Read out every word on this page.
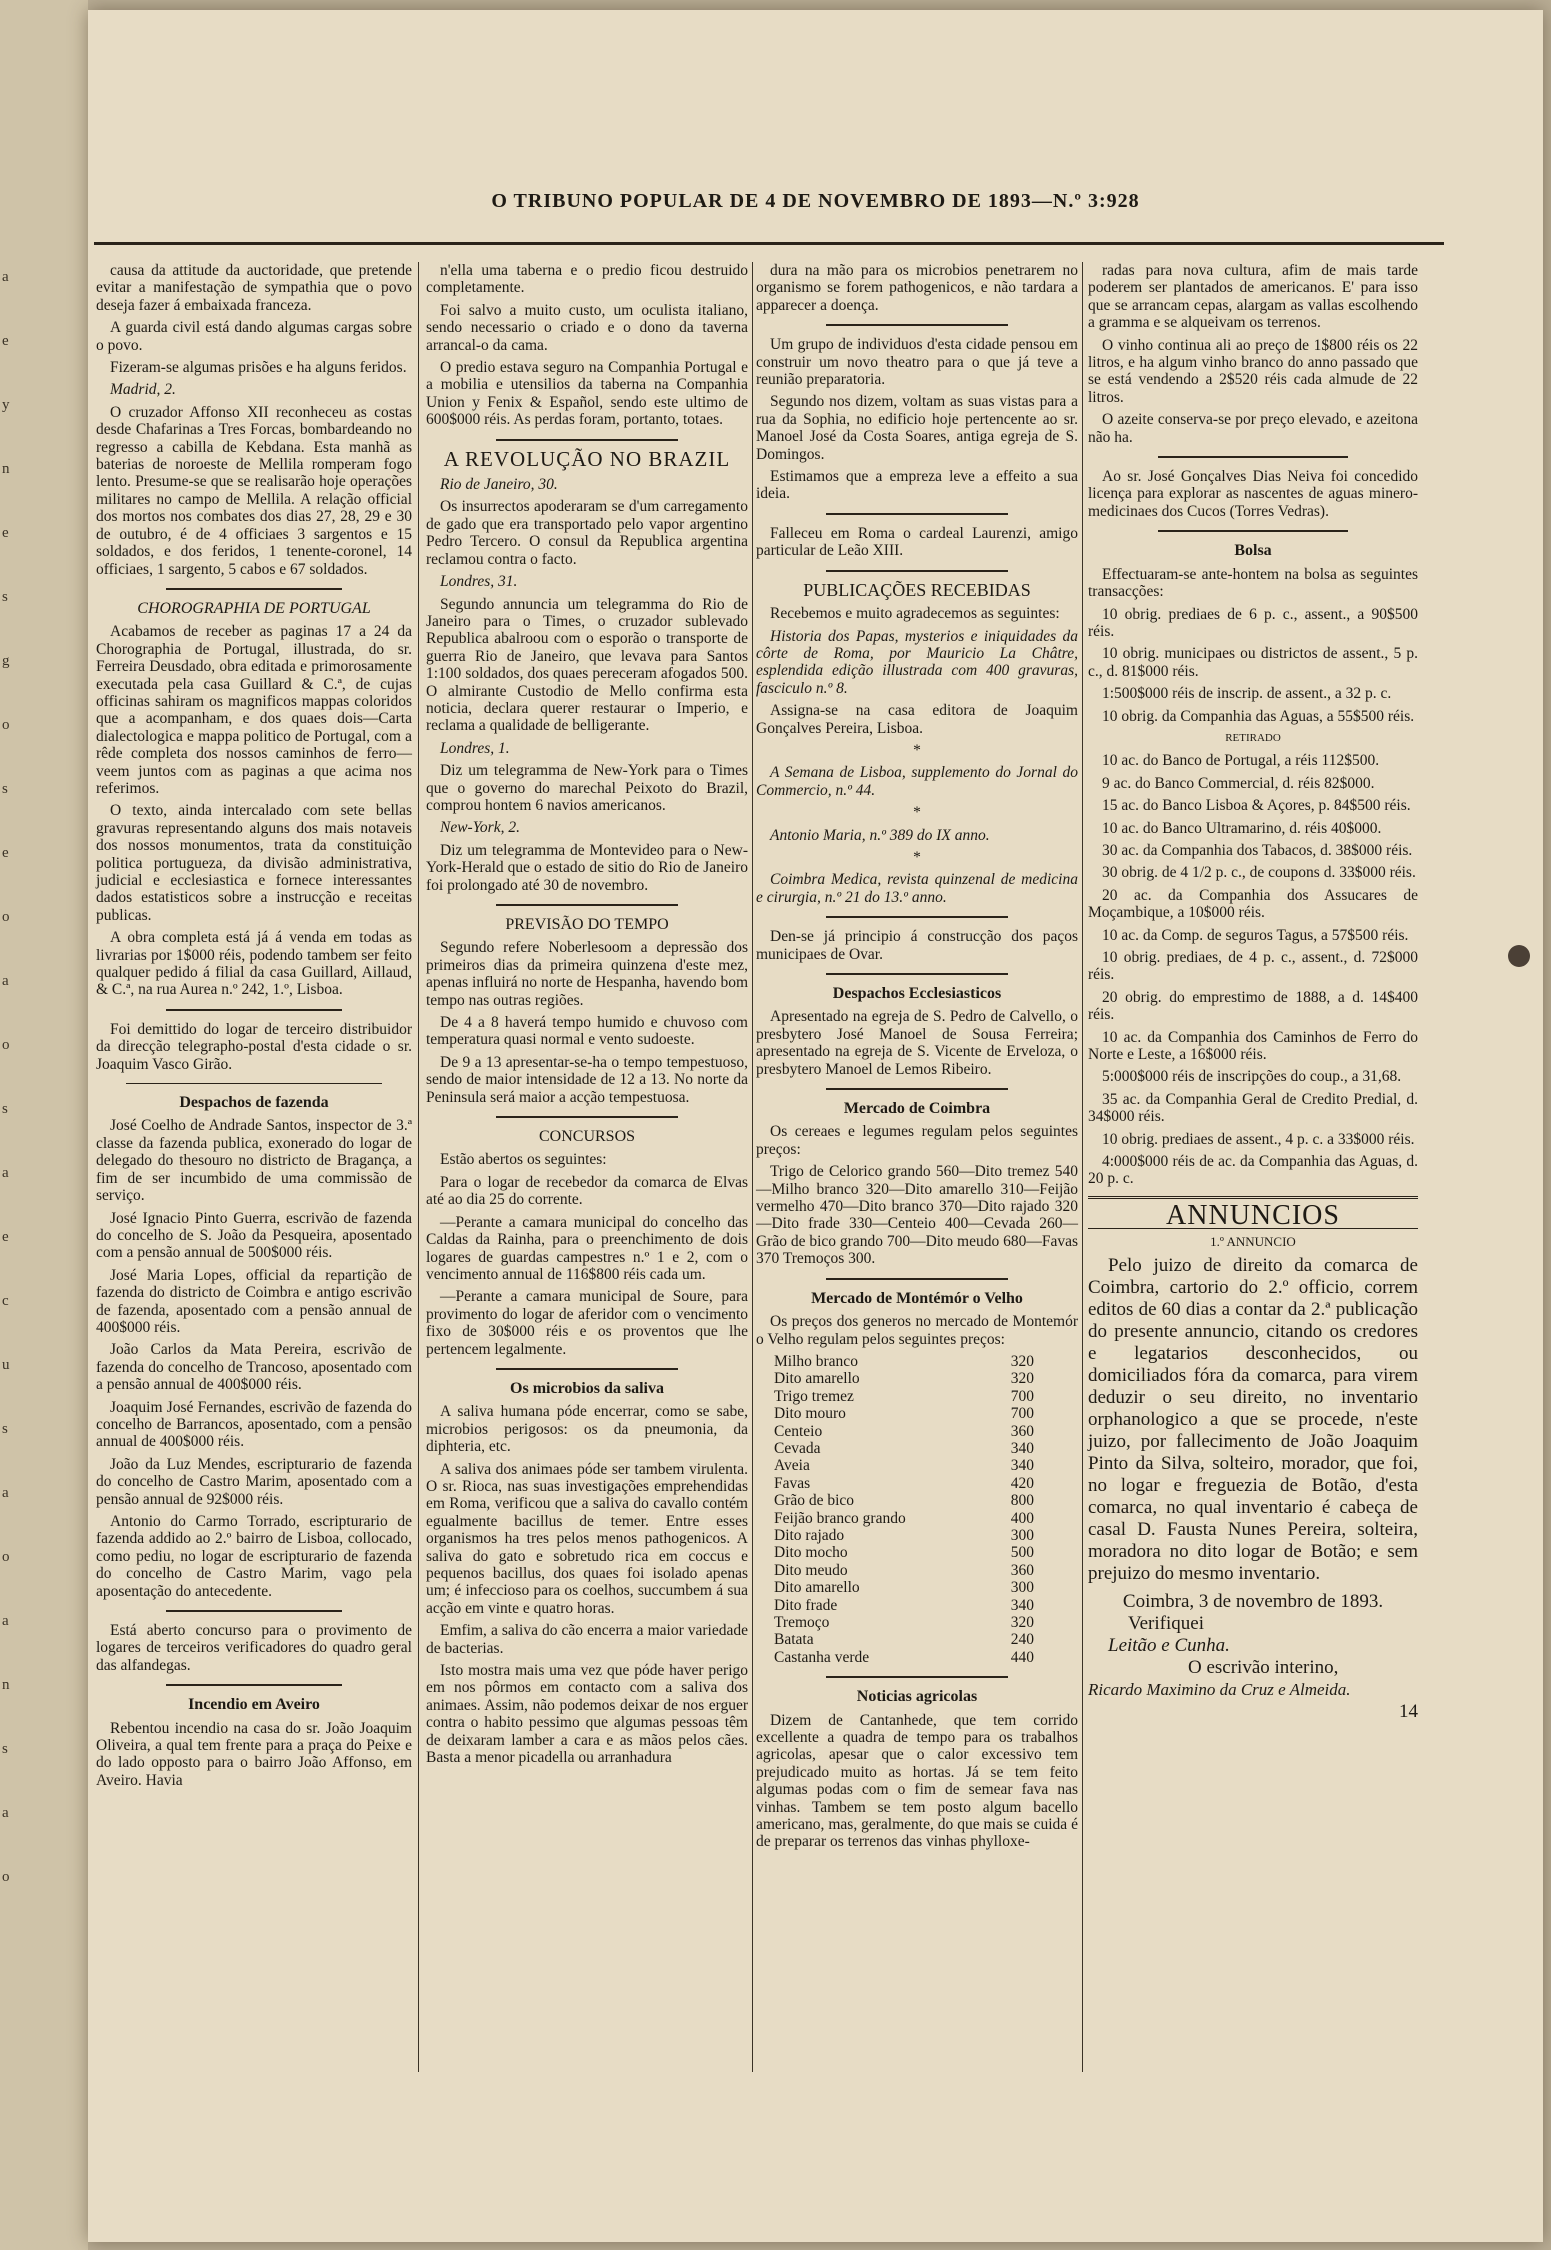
a
e
y
n
e
s
g
o
s
e
o
a
o
s
a
e
c
u
s
a
o
a
n
s
a
o
O TRIBUNO POPULAR DE 4 DE NOVEMBRO DE 1893—N.º 3:928

causa da attitude da auctoridade, que pretende evitar a manifestação de sympathia que o povo deseja fazer á embaixada franceza.

A guarda civil está dando algumas cargas sobre o povo.

Fizeram-se algumas prisões e ha alguns feridos.

Madrid, 2.

O cruzador Affonso XII reconheceu as costas desde Chafarinas a Tres Forcas, bombardeando no regresso a cabilla de Kebdana. Esta manhã as baterias de noroeste de Mellila romperam fogo lento. Presume-se que se realisarão hoje operações militares no campo de Mellila. A relação official dos mortos nos combates dos dias 27, 28, 29 e 30 de outubro, é de 4 officiaes 3 sargentos e 15 soldados, e dos feridos, 1 tenente-coronel, 14 officiaes, 1 sargento, 5 cabos e 67 soldados.

CHOROGRAPHIA DE PORTUGAL

Acabamos de receber as paginas 17 a 24 da Chorographia de Portugal, illustrada, do sr. Ferreira Deusdado, obra editada e primorosamente executada pela casa Guillard & C.ª, de cujas officinas sahiram os magnificos mappas coloridos que a acompanham, e dos quaes dois—Carta dialectologica e mappa politico de Portugal, com a rêde completa dos nossos caminhos de ferro—veem juntos com as paginas a que acima nos referimos.

O texto, ainda intercalado com sete bellas gravuras representando alguns dos mais notaveis dos nossos monumentos, trata da constituição politica portugueza, da divisão administrativa, judicial e ecclesiastica e fornece interessantes dados estatisticos sobre a instrucção e receitas publicas.

A obra completa está já á venda em todas as livrarias por 1$000 réis, podendo tambem ser feito qualquer pedido á filial da casa Guillard, Aillaud, & C.ª, na rua Aurea n.º 242, 1.º, Lisboa.

Foi demittido do logar de terceiro distribuidor da direcção telegrapho-postal d'esta cidade o sr. Joaquim Vasco Girão.

Despachos de fazenda

José Coelho de Andrade Santos, inspector de 3.ª classe da fazenda publica, exonerado do logar de delegado do thesouro no districto de Bragança, a fim de ser incumbido de uma commissão de serviço.

José Ignacio Pinto Guerra, escrivão de fazenda do concelho de S. João da Pesqueira, aposentado com a pensão annual de 500$000 réis.

José Maria Lopes, official da repartição de fazenda do districto de Coimbra e antigo escrivão de fazenda, aposentado com a pensão annual de 400$000 réis.

João Carlos da Mata Pereira, escrivão de fazenda do concelho de Trancoso, aposentado com a pensão annual de 400$000 réis.

Joaquim José Fernandes, escrivão de fazenda do concelho de Barrancos, aposentado, com a pensão annual de 400$000 réis.

João da Luz Mendes, escripturario de fazenda do concelho de Castro Marim, aposentado com a pensão annual de 92$000 réis.

Antonio do Carmo Torrado, escripturario de fazenda addido ao 2.º bairro de Lisboa, collocado, como pediu, no logar de escripturario de fazenda do concelho de Castro Marim, vago pela aposentação do antecedente.

Está aberto concurso para o provimento de logares de terceiros verificadores do quadro geral das alfandegas.

Incendio em Aveiro

Rebentou incendio na casa do sr. João Joaquim Oliveira, a qual tem frente para a praça do Peixe e do lado opposto para o bairro João Affonso, em Aveiro. Havia

n'ella uma taberna e o predio ficou destruido completamente.

Foi salvo a muito custo, um oculista italiano, sendo necessario o criado e o dono da taverna arrancal-o da cama.

O predio estava seguro na Companhia Portugal e a mobilia e utensilios da taberna na Companhia Union y Fenix & Español, sendo este ultimo de 600$000 réis. As perdas foram, portanto, totaes.

A REVOLUÇÃO NO BRAZIL

Rio de Janeiro, 30.

Os insurrectos apoderaram se d'um carregamento de gado que era transportado pelo vapor argentino Pedro Tercero. O consul da Republica argentina reclamou contra o facto.

Londres, 31.

Segundo annuncia um telegramma do Rio de Janeiro para o Times, o cruzador sublevado Republica abalroou com o esporão o transporte de guerra Rio de Janeiro, que levava para Santos 1:100 soldados, dos quaes pereceram afogados 500. O almirante Custodio de Mello confirma esta noticia, declara querer restaurar o Imperio, e reclama a qualidade de belligerante.

Londres, 1.

Diz um telegramma de New-York para o Times que o governo do marechal Peixoto do Brazil, comprou hontem 6 navios americanos.

New-York, 2.

Diz um telegramma de Montevideo para o New-York-Herald que o estado de sitio do Rio de Janeiro foi prolongado até 30 de novembro.

PREVISÃO DO TEMPO

Segundo refere Noberlesoom a depressão dos primeiros dias da primeira quinzena d'este mez, apenas influirá no norte de Hespanha, havendo bom tempo nas outras regiões.

De 4 a 8 haverá tempo humido e chuvoso com temperatura quasi normal e vento sudoeste.

De 9 a 13 apresentar-se-ha o tempo tempestuoso, sendo de maior intensidade de 12 a 13. No norte da Peninsula será maior a acção tempestuosa.

CONCURSOS

Estão abertos os seguintes:

Para o logar de recebedor da comarca de Elvas até ao dia 25 do corrente.

—Perante a camara municipal do concelho das Caldas da Rainha, para o preenchimento de dois logares de guardas campestres n.º 1 e 2, com o vencimento annual de 116$800 réis cada um.

—Perante a camara municipal de Soure, para provimento do logar de aferidor com o vencimento fixo de 30$000 réis e os proventos que lhe pertencem legalmente.

Os microbios da saliva

A saliva humana póde encerrar, como se sabe, microbios perigosos: os da pneumonia, da diphteria, etc.

A saliva dos animaes póde ser tambem virulenta. O sr. Rioca, nas suas investigações emprehendidas em Roma, verificou que a saliva do cavallo contém egualmente bacillus de temer. Entre esses organismos ha tres pelos menos pathogenicos. A saliva do gato e sobretudo rica em coccus e pequenos bacillus, dos quaes foi isolado apenas um; é infeccioso para os coelhos, succumbem á sua acção em vinte e quatro horas.

Emfim, a saliva do cão encerra a maior variedade de bacterias.

Isto mostra mais uma vez que póde haver perigo em nos pôrmos em contacto com a saliva dos animaes. Assim, não podemos deixar de nos erguer contra o habito pessimo que algumas pessoas têm de deixaram lamber a cara e as mãos pelos cães. Basta a menor picadella ou arranhadura

dura na mão para os microbios penetrarem no organismo se forem pathogenicos, e não tardara a apparecer a doença.

Um grupo de individuos d'esta cidade pensou em construir um novo theatro para o que já teve a reunião preparatoria.

Segundo nos dizem, voltam as suas vistas para a rua da Sophia, no edificio hoje pertencente ao sr. Manoel José da Costa Soares, antiga egreja de S. Domingos.

Estimamos que a empreza leve a effeito a sua ideia.

Falleceu em Roma o cardeal Laurenzi, amigo particular de Leão XIII.

PUBLICAÇÕES RECEBIDAS

Recebemos e muito agradecemos as seguintes:

Historia dos Papas, mysterios e iniquidades da côrte de Roma, por Mauricio La Châtre, esplendida edição illustrada com 400 gravuras, fasciculo n.º 8.

Assigna-se na casa editora de Joaquim Gonçalves Pereira, Lisboa.

*

A Semana de Lisboa, supplemento do Jornal do Commercio, n.º 44.

*

Antonio Maria, n.º 389 do IX anno.

*

Coimbra Medica, revista quinzenal de medicina e cirurgia, n.º 21 do 13.º anno.

Den-se já principio á construcção dos paços municipaes de Ovar.

Despachos Ecclesiasticos

Apresentado na egreja de S. Pedro de Calvello, o presbytero José Manoel de Sousa Ferreira; apresentado na egreja de S. Vicente de Erveloza, o presbytero Manoel de Lemos Ribeiro.

Mercado de Coimbra

Os cereaes e legumes regulam pelos seguintes preços:

Trigo de Celorico grando 560—Dito tremez 540—Milho branco 320—Dito amarello 310—Feijão vermelho 470—Dito branco 370—Dito rajado 320—Dito frade 330—Centeio 400—Cevada 260—Grão de bico grando 700—Dito meudo 680—Favas 370 Tremoços 300.

Mercado de Montémór o Velho

Os preços dos generos no mercado de Montemór o Velho regulam pelos seguintes preços:

Milho branco	320
Dito amarello	320
Trigo tremez	700
Dito mouro	700
Centeio	360
Cevada	340
Aveia	340
Favas	420
Grão de bico	800
Feijão branco grando	400
Dito rajado	300
Dito mocho	500
Dito meudo	360
Dito amarello	300
Dito frade	340
Tremoço	320
Batata	240
Castanha verde	440
Noticias agricolas

Dizem de Cantanhede, que tem corrido excellente a quadra de tempo para os trabalhos agricolas, apesar que o calor excessivo tem prejudicado muito as hortas. Já se tem feito algumas podas com o fim de semear fava nas vinhas. Tambem se tem posto algum bacello americano, mas, geralmente, do que mais se cuida é de preparar os terrenos das vinhas phylloxe-

radas para nova cultura, afim de mais tarde poderem ser plantados de americanos. E' para isso que se arrancam cepas, alargam as vallas escolhendo a gramma e se alqueivam os terrenos.

O vinho continua ali ao preço de 1$800 réis os 22 litros, e ha algum vinho branco do anno passado que se está vendendo a 2$520 réis cada almude de 22 litros.

O azeite conserva-se por preço elevado, e azeitona não ha.

Ao sr. José Gonçalves Dias Neiva foi concedido licença para explorar as nascentes de aguas minero-medicinaes dos Cucos (Torres Vedras).

Bolsa

Effectuaram-se ante-hontem na bolsa as seguintes transacções:

10 obrig. prediaes de 6 p. c., assent., a 90$500 réis.

10 obrig. municipaes ou districtos de assent., 5 p. c., d. 81$000 réis.

1:500$000 réis de inscrip. de assent., a 32 p. c.

10 obrig. da Companhia das Aguas, a 55$500 réis.

RETIRADO

10 ac. do Banco de Portugal, a réis 112$500.

9 ac. do Banco Commercial, d. réis 82$000.

15 ac. do Banco Lisboa & Açores, p. 84$500 réis.

10 ac. do Banco Ultramarino, d. réis 40$000.

30 ac. da Companhia dos Tabacos, d. 38$000 réis.

30 obrig. de 4 1/2 p. c., de coupons d. 33$000 réis.

20 ac. da Companhia dos Assucares de Moçambique, a 10$000 réis.

10 ac. da Comp. de seguros Tagus, a 57$500 réis.

10 obrig. prediaes, de 4 p. c., assent., d. 72$000 réis.

20 obrig. do emprestimo de 1888, a d. 14$400 réis.

10 ac. da Companhia dos Caminhos de Ferro do Norte e Leste, a 16$000 réis.

5:000$000 réis de inscripções do coup., a 31,68.

35 ac. da Companhia Geral de Credito Predial, d. 34$000 réis.

10 obrig. prediaes de assent., 4 p. c. a 33$000 réis.

4:000$000 réis de ac. da Companhia das Aguas, d. 20 p. c.

ANNUNCIOS
1.º ANNUNCIO

Pelo juizo de direito da comarca de Coimbra, cartorio do 2.º officio, correm editos de 60 dias a contar da 2.ª publicação do presente annuncio, citando os credores e legatarios desconhecidos, ou domiciliados fóra da comarca, para virem deduzir o seu direito, no inventario orphanologico a que se procede, n'este juizo, por fallecimento de João Joaquim Pinto da Silva, solteiro, morador, que foi, no logar e freguezia de Botão, d'esta comarca, no qual inventario é cabeça de casal D. Fausta Nunes Pereira, solteira, moradora no dito logar de Botão; e sem prejuizo do mesmo inventario.

Coimbra, 3 de novembro de 1893.
Verifiquei
Leitão e Cunha.
O escrivão interino,
Ricardo Maximino da Cruz e Almeida.
14
